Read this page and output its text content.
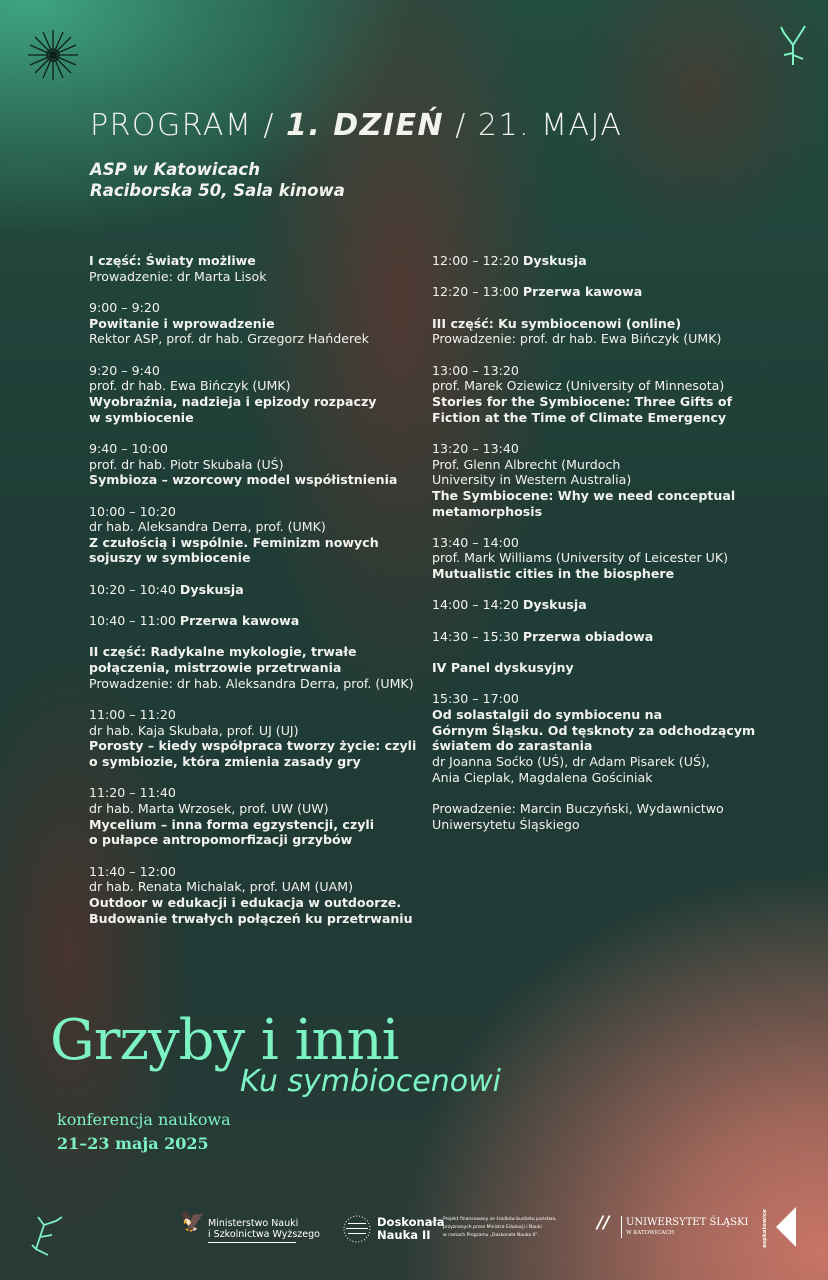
PROGRAM / 1. DZIEŃ / 21. MAJA
ASP w Katowicach
Raciborska 50, Sala kinowa
I część: Światy możliwe
Prowadzenie: dr Marta Lisok
9:00 – 9:20
Powitanie i wprowadzenie
Rektor ASP, prof. dr hab. Grzegorz Hańderek
9:20 – 9:40
prof. dr hab. Ewa Bińczyk (UMK)
Wyobraźnia, nadzieja i epizody rozpaczy
w symbiocenie
9:40 – 10:00
prof. dr hab. Piotr Skubała (UŚ)
Symbioza – wzorcowy model współistnienia
10:00 – 10:20
dr hab. Aleksandra Derra, prof. (UMK)
Z czułością i wspólnie. Feminizm nowych
sojuszy w symbiocenie
10:20 – 10:40 Dyskusja
10:40 – 11:00 Przerwa kawowa
II część: Radykalne mykologie, trwałe
połączenia, mistrzowie przetrwania
Prowadzenie: dr hab. Aleksandra Derra, prof. (UMK)
11:00 – 11:20
dr hab. Kaja Skubała, prof. UJ (UJ)
Porosty – kiedy współpraca tworzy życie: czyli
o symbiozie, która zmienia zasady gry
11:20 – 11:40
dr hab. Marta Wrzosek, prof. UW (UW)
Mycelium – inna forma egzystencji, czyli
o pułapce antropomorfizacji grzybów
11:40 – 12:00
dr hab. Renata Michalak, prof. UAM (UAM)
Outdoor w edukacji i edukacja w outdoorze.
Budowanie trwałych połączeń ku przetrwaniu
12:00 – 12:20 Dyskusja
12:20 – 13:00 Przerwa kawowa
III część: Ku symbiocenowi (online)
Prowadzenie: prof. dr hab. Ewa Bińczyk (UMK)
13:00 – 13:20
prof. Marek Oziewicz (University of Minnesota)
Stories for the Symbiocene: Three Gifts of
Fiction at the Time of Climate Emergency
13:20 – 13:40
Prof. Glenn Albrecht (Murdoch
University in Western Australia)
The Symbiocene: Why we need conceptual
metamorphosis
13:40 – 14:00
prof. Mark Williams (University of Leicester UK)
Mutualistic cities in the biosphere
14:00 – 14:20 Dyskusja
14:30 – 15:30 Przerwa obiadowa
IV Panel dyskusyjny
15:30 – 17:00
Od solastalgii do symbiocenu na
Górnym Śląsku. Od tęsknoty za odchodzącym
światem do zarastania
dr Joanna Soćko (UŚ), dr Adam Pisarek (UŚ),
Ania Cieplak, Magdalena Gościniak
Prowadzenie: Marcin Buczyński, Wydawnictwo
Uniwersytetu Śląskiego
Grzyby i inni
Ku symbiocenowi
konferencja naukowa
21–23 maja 2025
🦅 Ministerstwo Nauki
i Szkolnictwa Wyższego
Doskonała
Nauka II
Projekt finansowany ze środków budżetu państwa,
przyznanych przez Ministra Edukacji i Nauki
w ramach Programu „Doskonała Nauka II”.
// UNIWERSYTET ŚLĄSKI
W KATOWICACH	aspkatowice
